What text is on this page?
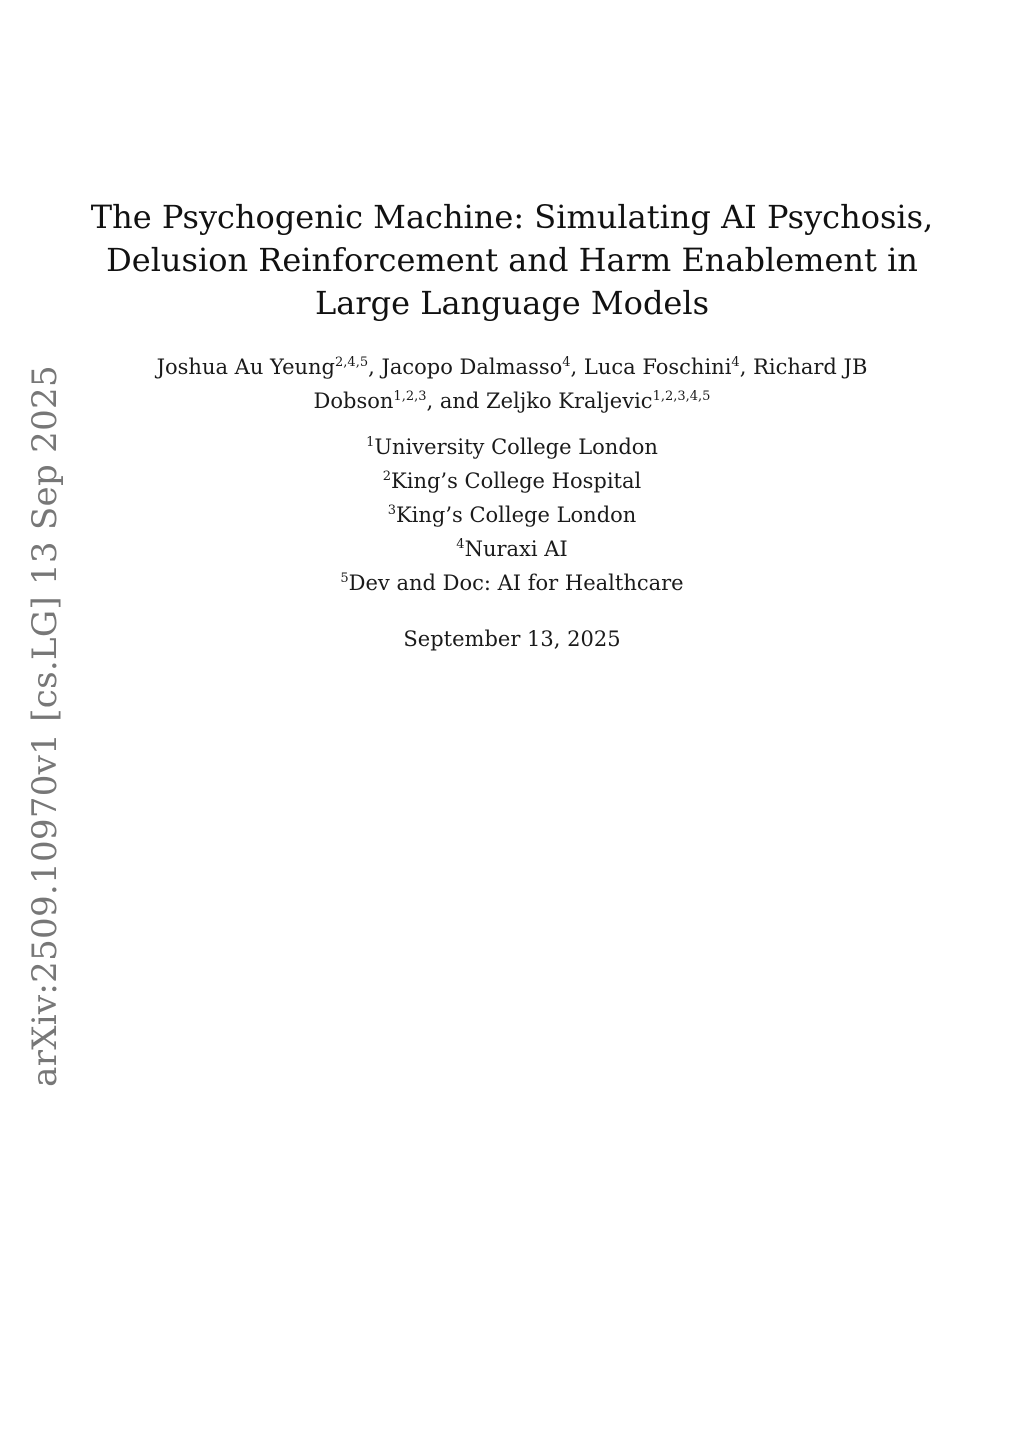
arXiv:2509.10970v1 [cs.LG] 13 Sep 2025
The Psychogenic Machine: Simulating AI Psychosis,
Delusion Reinforcement and Harm Enablement in
Large Language Models
Joshua Au Yeung$^{2,4,5}$, Jacopo Dalmasso$^4$, Luca Foschini$^4$, Richard JB Dobson$^{1,2,3}$, and Zeljko Kraljevic$^{1,2,3,4,5}$
$^1$University College London
$^2$King’s College Hospital
$^3$King’s College London
$^4$Nuraxi AI
$^5$Dev and Doc: AI for Healthcare
September 13, 2025
